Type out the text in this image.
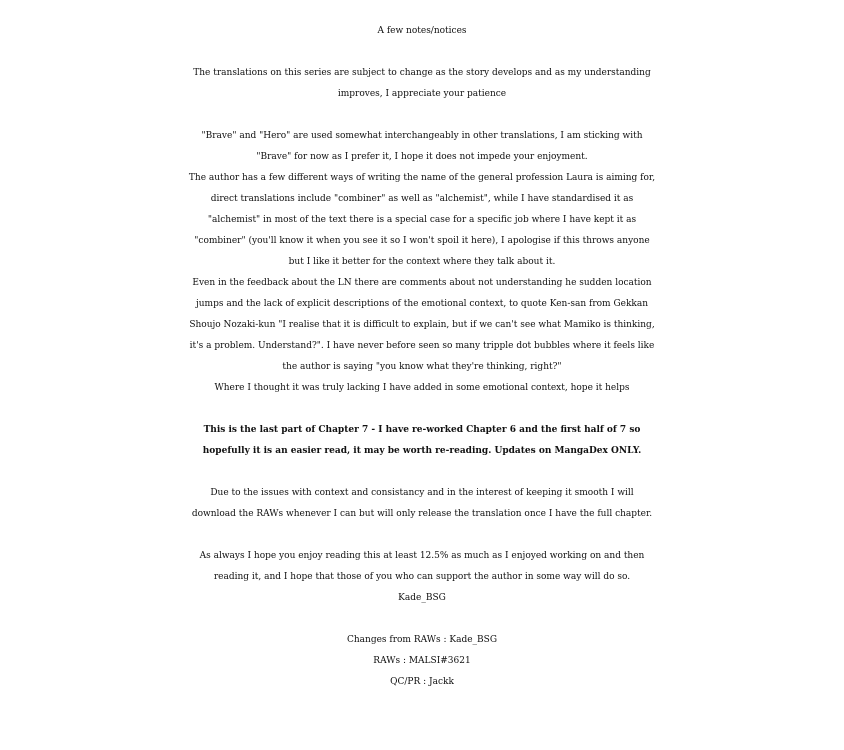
A few notes/notices
The translations on this series are subject to change as the story develops and as my understanding
improves, I appreciate your patience
"Brave" and "Hero" are used somewhat interchangeably in other translations, I am sticking with
"Brave" for now as I prefer it, I hope it does not impede your enjoyment.
The author has a few different ways of writing the name of the general profession Laura is aiming for,
direct translations include "combiner" as well as "alchemist", while I have standardised it as
"alchemist" in most of the text there is a special case for a specific job where I have kept it as
"combiner" (you'll know it when you see it so I won't spoil it here), I apologise if this throws anyone
but I like it better for the context where they talk about it.
Even in the feedback about the LN there are comments about not understanding he sudden location
jumps and the lack of explicit descriptions of the emotional context, to quote Ken-san from Gekkan
Shoujo Nozaki-kun "I realise that it is difficult to explain, but if we can't see what Mamiko is thinking,
it's a problem. Understand?". I have never before seen so many tripple dot bubbles where it feels like
the author is saying "you know what they're thinking, right?"
Where I thought it was truly lacking I have added in some emotional context, hope it helps
This is the last part of Chapter 7 - I have re-worked Chapter 6 and the first half of 7 so
hopefully it is an easier read, it may be worth re-reading. Updates on MangaDex ONLY.
Due to the issues with context and consistancy and in the interest of keeping it smooth I will
download the RAWs whenever I can but will only release the translation once I have the full chapter.
As always I hope you enjoy reading this at least 12.5% as much as I enjoyed working on and then
reading it, and I hope that those of you who can support the author in some way will do so.
Kade_BSG
Changes from RAWs : Kade_BSG
RAWs : MALSI#3621
QC/PR : Jackk
